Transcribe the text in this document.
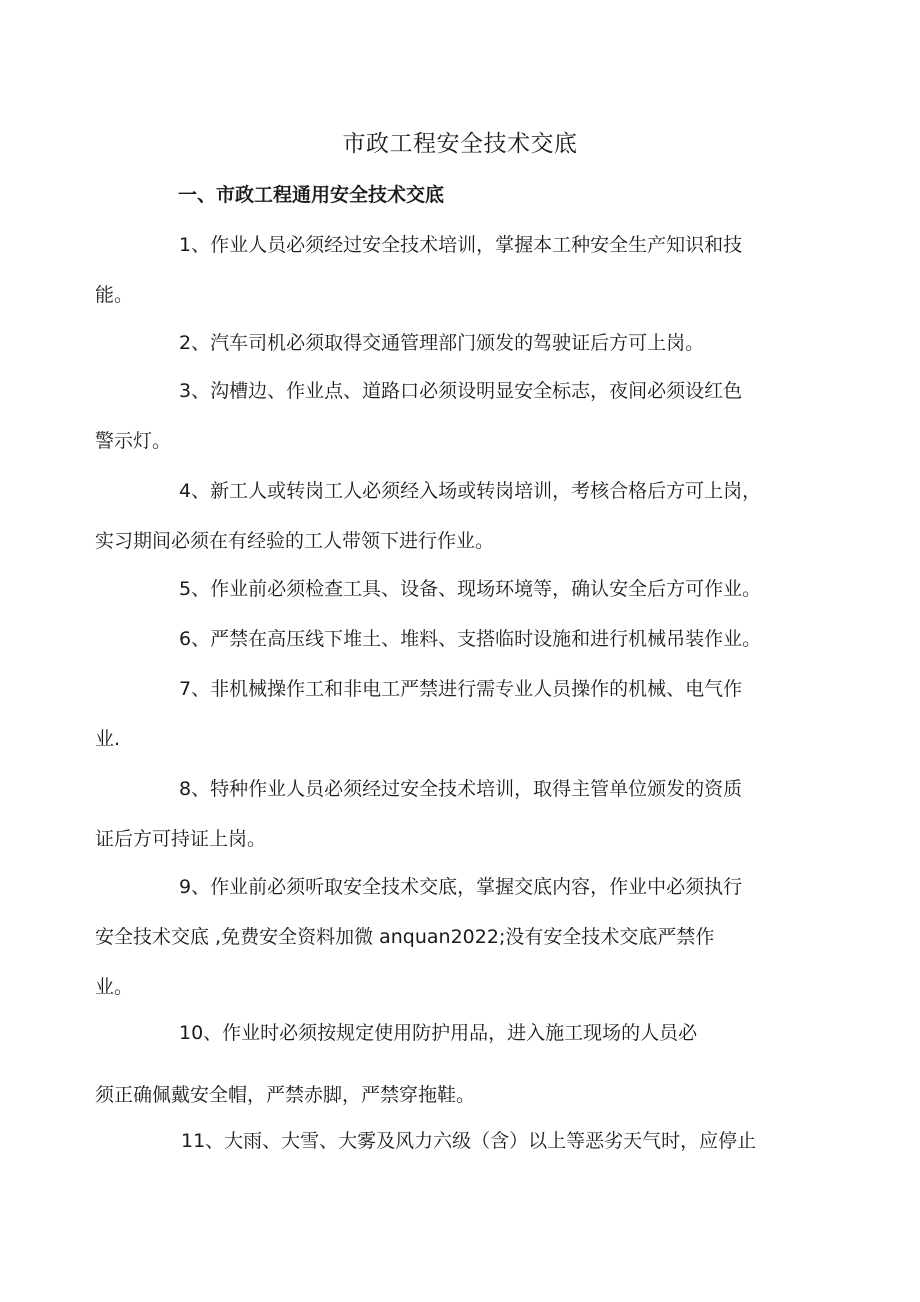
市政工程安全技术交底
一、市政工程通用安全技术交底

1、作业人员必须经过安全技术培训，掌握本工种安全生产知识和技
能。

2、汽车司机必须取得交通管理部门颁发的驾驶证后方可上岗。

3、沟槽边、作业点、道路口必须设明显安全标志，夜间必须设红色
警示灯。

4、新工人或转岗工人必须经入场或转岗培训，考核合格后方可上岗，
实习期间必须在有经验的工人带领下进行作业。

5、作业前必须检查工具、设备、现场环境等，确认安全后方可作业。

6、严禁在高压线下堆土、堆料、支搭临时设施和进行机械吊装作业。

7、非机械操作工和非电工严禁进行需专业人员操作的机械、电气作
业.

8、特种作业人员必须经过安全技术培训，取得主管单位颁发的资质
证后方可持证上岗。

9、作业前必须听取安全技术交底，掌握交底内容，作业中必须执行
安全技术交底 ,免费安全资料加微 anquan2022;没有安全技术交底严禁作
业。

10、作业时必须按规定使用防护用品，进入施工现场的人员必
须正确佩戴安全帽，严禁赤脚，严禁穿拖鞋。

11、大雨、大雪、大雾及风力六级（含）以上等恶劣天气时，应停止
